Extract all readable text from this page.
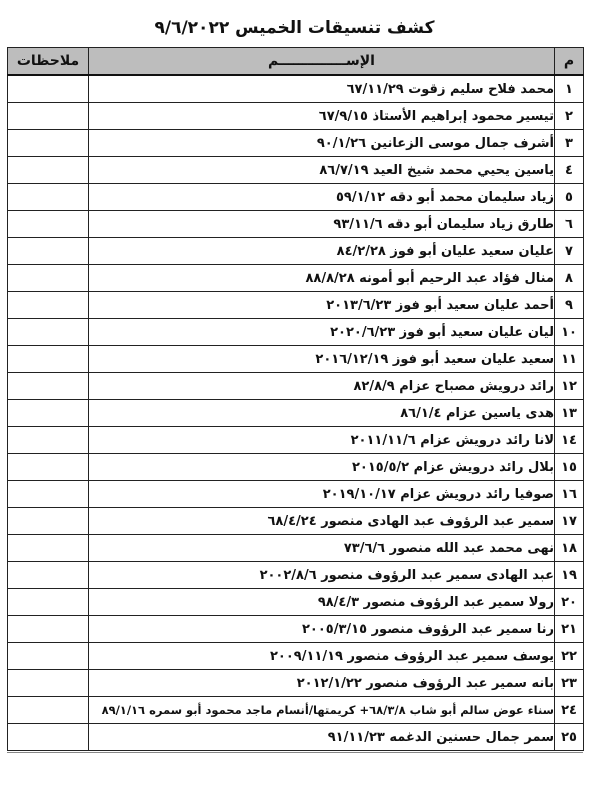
كشف تنسيقات الخميس ٩/٦/٢٠٢٢
م	الإســــــــــــــم	ملاحظات
١	محمد فلاح سليم زقوت ٦٧/١١/٢٩	
٢	تيسير محمود إبراهيم الأستاذ ٦٧/٩/١٥	
٣	أشرف جمال موسى الزعانين ٩٠/١/٢٦	
٤	ياسين يحيي محمد شيخ العيد ٨٦/٧/١٩	
٥	زياد سليمان محمد أبو دقه ٥٩/١/١٢	
٦	طارق زياد سليمان أبو دقه ٩٣/١١/٦	
٧	عليان سعيد عليان أبو فوز ٨٤/٢/٢٨	
٨	منال فؤاد عبد الرحيم أبو أمونه ٨٨/٨/٢٨	
٩	أحمد عليان سعيد أبو فوز ٢٠١٣/٦/٢٣	
١٠	ليان عليان سعيد أبو فوز ٢٠٢٠/٦/٢٣	
١١	سعيد عليان سعيد أبو فوز ٢٠١٦/١٢/١٩	
١٢	رائد درويش مصباح عزام ٨٢/٨/٩	
١٣	هدى ياسين عزام ٨٦/١/٤	
١٤	لانا رائد درويش عزام ٢٠١١/١١/٦	
١٥	بلال رائد درويش عزام ٢٠١٥/٥/٢	
١٦	صوفيا رائد درويش عزام ٢٠١٩/١٠/١٧	
١٧	سمير عبد الرؤوف عبد الهادى منصور ٦٨/٤/٢٤	
١٨	نهى محمد عبد الله منصور ٧٣/٦/٦	
١٩	عبد الهادى سمير عبد الرؤوف منصور ٢٠٠٢/٨/٦	
٢٠	رولا سمير عبد الرؤوف منصور ٩٨/٤/٣	
٢١	رنا سمير عبد الرؤوف منصور ٢٠٠٥/٣/١٥	
٢٢	يوسف سمير عبد الرؤوف منصور ٢٠٠٩/١١/١٩	
٢٣	بانه سمير عبد الرؤوف منصور ٢٠١٢/١/٢٢	
٢٤	سناء عوض سالم أبو شاب ٦٨/٣/٨+ كريمتها/أنسام ماجد محمود أبو سمره ٨٩/١/١٦	
٢٥	سمر جمال حسنين الدغمه ٩١/١١/٢٣	
